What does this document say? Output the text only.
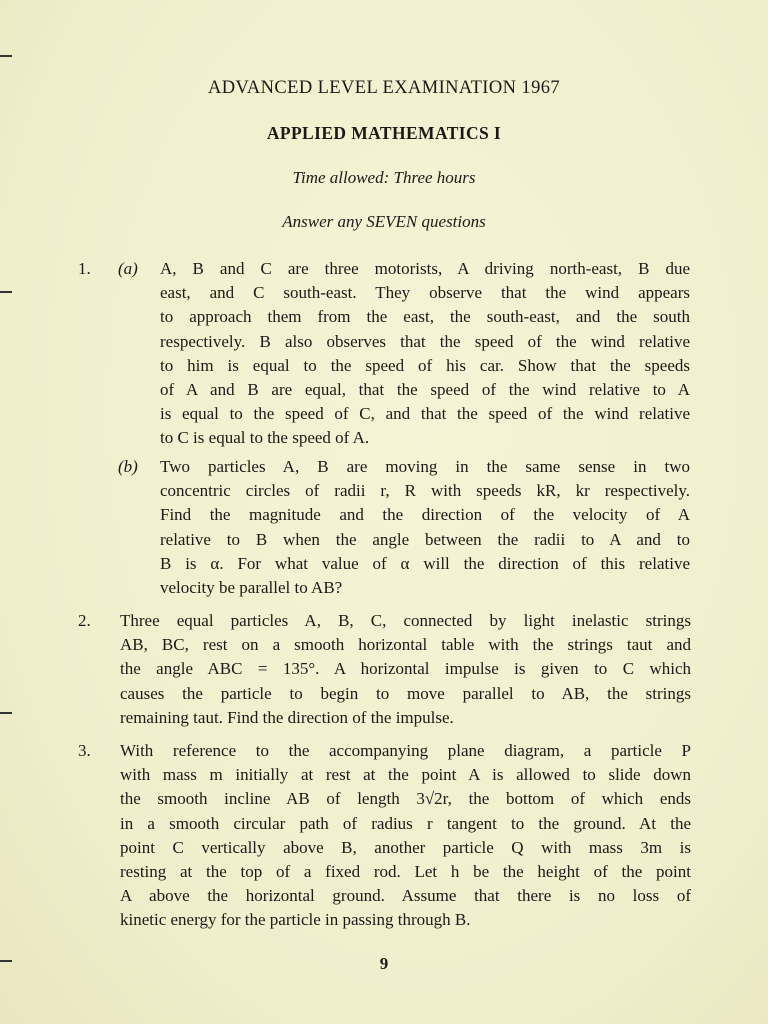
ADVANCED LEVEL EXAMINATION 1967
APPLIED MATHEMATICS I
Time allowed: Three hours
Answer any SEVEN questions
1. (a) A, B and C are three motorists, A driving north-east, B due
east, and C south-east. They observe that the wind appears
to approach them from the east, the south-east, and the south
respectively. B also observes that the speed of the wind relative
to him is equal to the speed of his car. Show that the speeds
of A and B are equal, that the speed of the wind relative to A
is equal to the speed of C, and that the speed of the wind relative
to C is equal to the speed of A.
(b) Two particles A, B are moving in the same sense in two
concentric circles of radii r, R with speeds kR, kr respectively.
Find the magnitude and the direction of the velocity of A
relative to B when the angle between the radii to A and to
B is α. For what value of α will the direction of this relative
velocity be parallel to AB?
2. Three equal particles A, B, C, connected by light inelastic strings
AB, BC, rest on a smooth horizontal table with the strings taut and
the angle ABC = 135°. A horizontal impulse is given to C which
causes the particle to begin to move parallel to AB, the strings
remaining taut. Find the direction of the impulse.
3. With reference to the accompanying plane diagram, a particle P
with mass m initially at rest at the point A is allowed to slide down
the smooth incline AB of length 3√2r, the bottom of which ends
in a smooth circular path of radius r tangent to the ground. At the
point C vertically above B, another particle Q with mass 3m is
resting at the top of a fixed rod. Let h be the height of the point
A above the horizontal ground. Assume that there is no loss of
kinetic energy for the particle in passing through B.
9
